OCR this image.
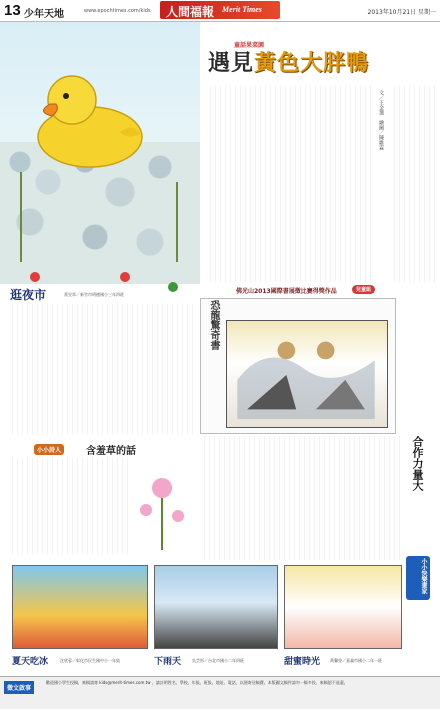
13 少年天地	www.epochtimes.com/kids 人間福報 Merit Times	2013年10月21日 星期一
童話果菜園
遇見黃色大胖鴨
文／王金選　繪圖／陳維霖
逛夜市	黃昱寧／新竹市明德國小三年四班	佛光山2013國際書展徵比賽得獎作品	兒童組
恐龍驚奇書
合作力量大
小小詩人	含羞草的話
小小快樂畫家
夏天吃冰	沈欣蓉／彰化市民生國中小一年級	下雨天	吳芸彤／台北市國小二年四班	甜蜜時光 黃馨瑩／嘉義市國小二年一班
徵文啟事
歡迎國小學生投稿，來稿請寄 kids@merit-times.com.tw ，請註明姓名、學校、年級、班級、地址、電話，以便寄送稿費。本版圖文稿件請勿一稿多投，來稿恕不退還。
